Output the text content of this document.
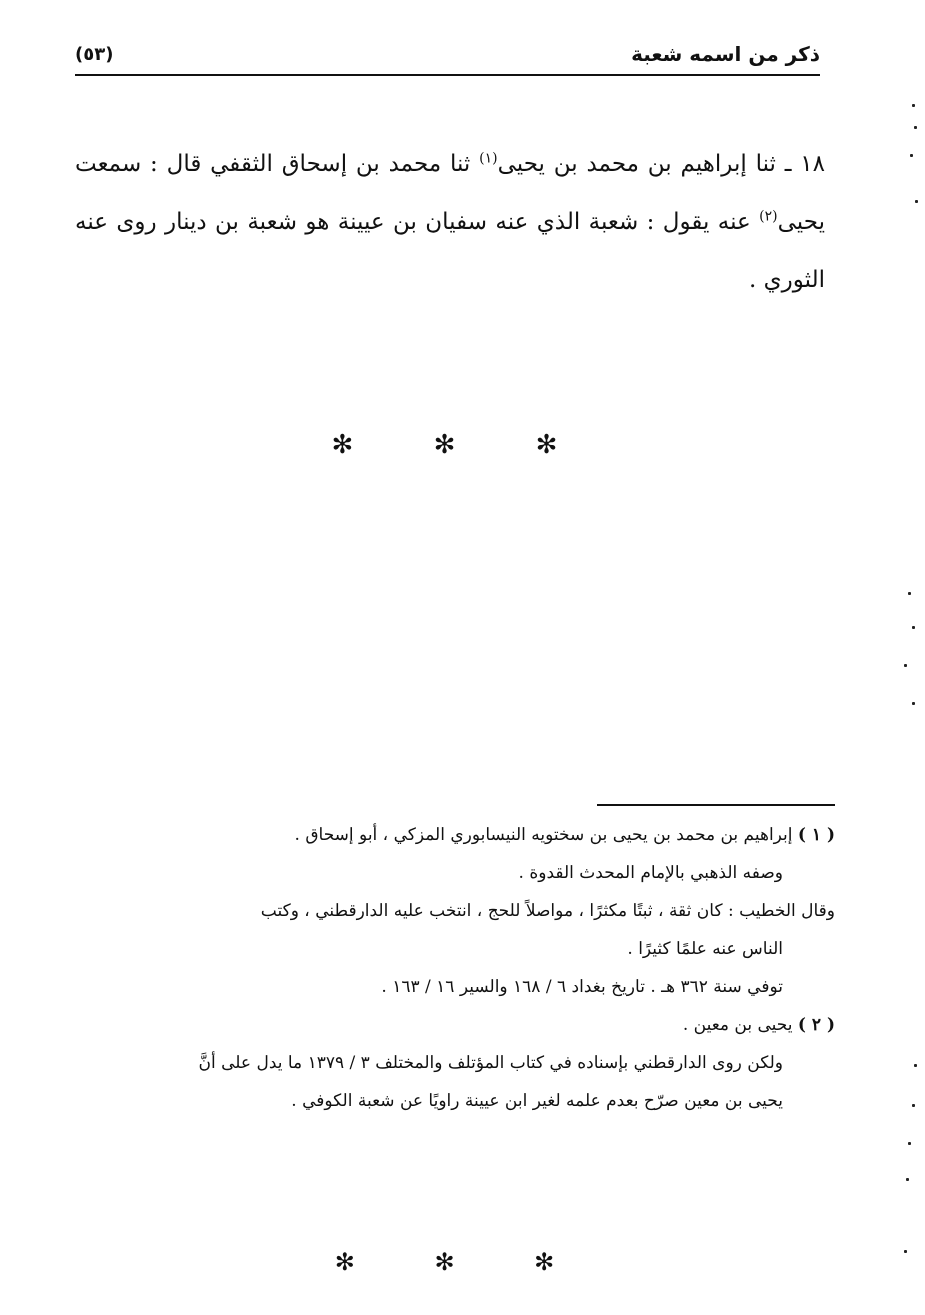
ذكر من اسمه شعبة
(٥٣)

١٨ ـ ثنا إبراهيم بن محمد بن يحيى$^{(١)}$ ثنا محمد بن إسحاق الثقفي قال : سمعت يحيى$^{(٢)}$ عنه يقول : شعبة الذي عنه سفيان بن عيينة هو شعبة بن دينار روى عنه الثوري .

✻ ✻ ✻

( ١ ) إبراهيم بن محمد بن يحيى بن سختويه النيسابوري المزكي ، أبو إسحاق .

وصفه الذهبي بالإمام المحدث القدوة .

وقال الخطيب : كان ثقة ، ثبتًا مكثرًا ، مواصلاً للحج ، انتخب عليه الدارقطني ، وكتب

الناس عنه علمًا كثيرًا .

توفي سنة ٣٦٢ هـ . تاريخ بغداد ٦ / ١٦٨ والسير ١٦ / ١٦٣ .

( ٢ ) يحيى بن معين .

ولكن روى الدارقطني بإسناده في كتاب المؤتلف والمختلف ٣ / ١٣٧٩ ما يدل على أنَّ

يحيى بن معين صرّح بعدم علمه لغير ابن عيينة راويًا عن شعبة الكوفي .

✻ ✻ ✻
